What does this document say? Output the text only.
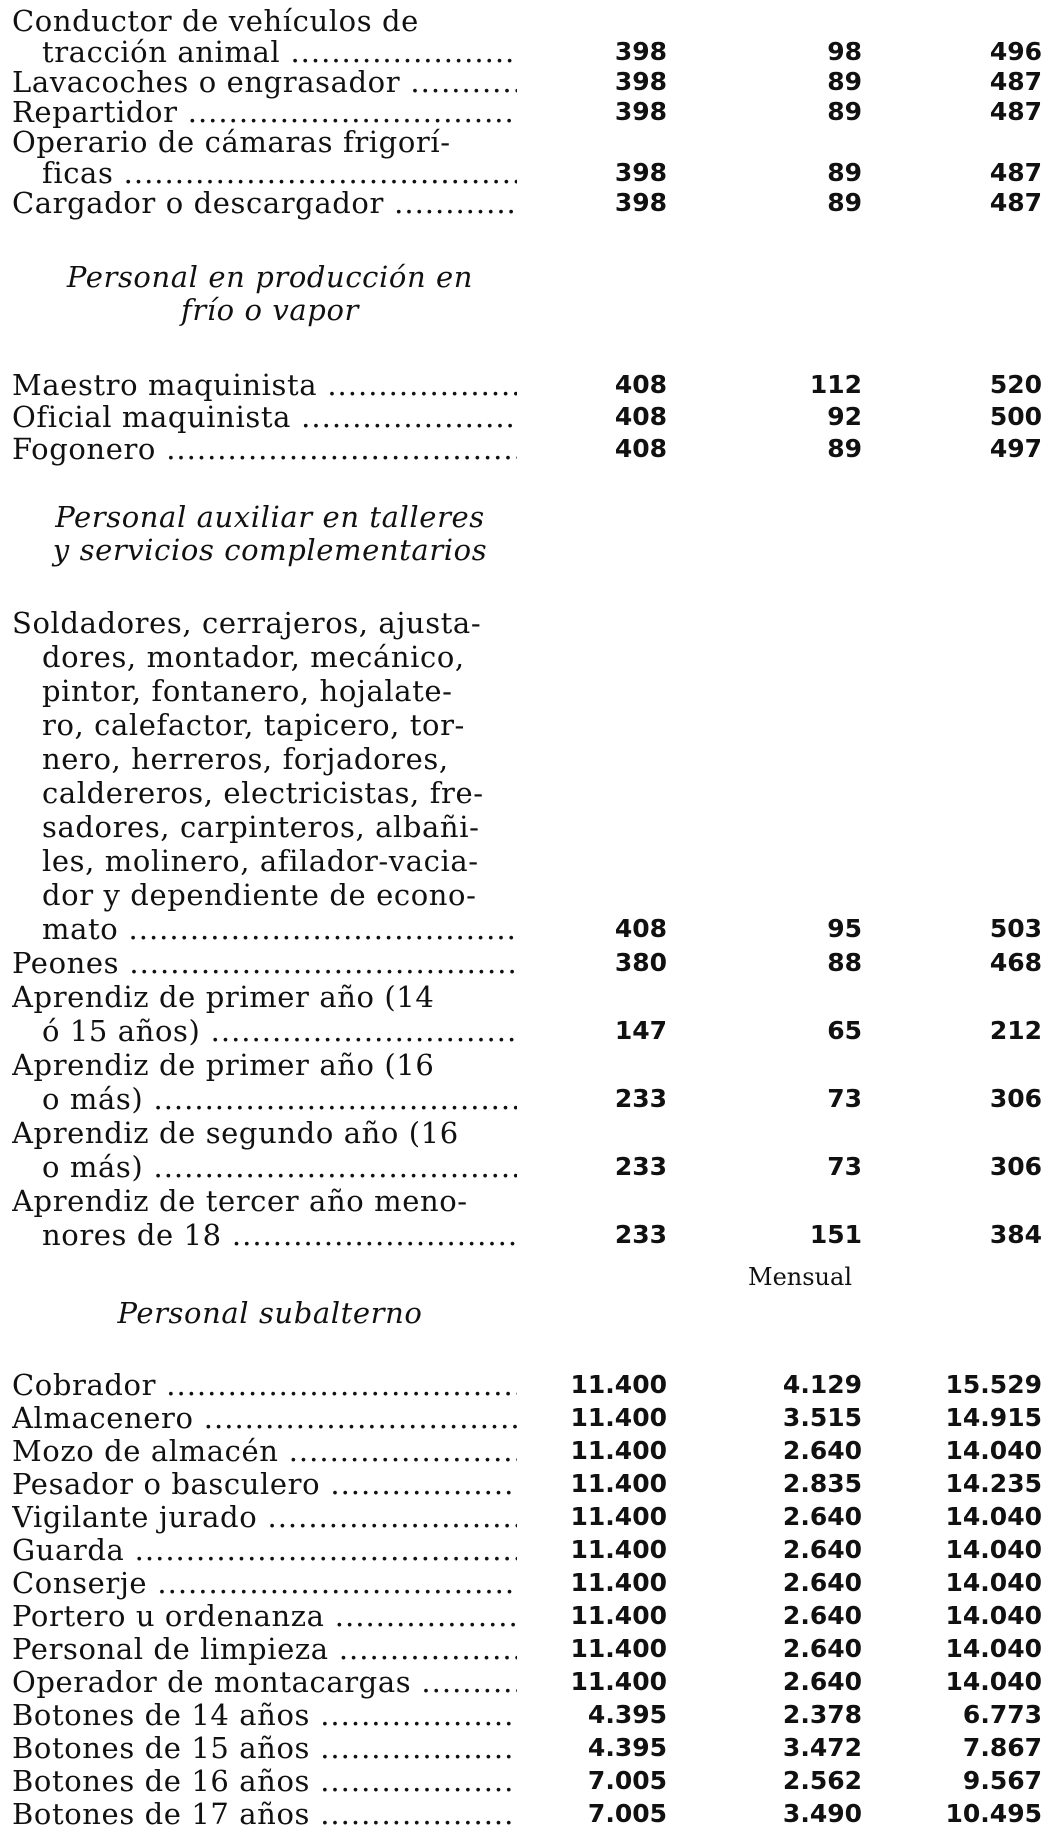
Conductor de vehículos de
tracción animal .....	398	98	496
Lavacoches o engrasador .....	398	89	487
Repartidor .....	398	89	487
Operario de cámaras frigorí-
ficas .....	398	89	487
Cargador o descargador .....	398	89	487
Personal en producción en
frío o vapor
Maestro maquinista .....	408	112	520
Oficial maquinista .....	408	92	500
Fogonero .....	408	89	497
Personal auxiliar en talleres
y servicios complementarios
Soldadores, cerrajeros, ajusta-
dores, montador, mecánico,
pintor, fontanero, hojalate-
ro, calefactor, tapicero, tor-
nero, herreros, forjadores,
caldereros, electricistas, fre-
sadores, carpinteros, albañi-
les, molinero, afilador-vacia-
dor y dependiente de econo-
mato .....	408	95	503
Peones .....	380	88	468
Aprendiz de primer año (14
ó 15 años) .....	147	65	212
Aprendiz de primer año (16
o más) .....	233	73	306
Aprendiz de segundo año (16
o más) .....	233	73	306
Aprendiz de tercer año meno-
nores de 18 .....	233	151	384
Mensual
Personal subalterno
Cobrador .....	11.400	4.129	15.529
Almacenero .....	11.400	3.515	14.915
Mozo de almacén .....	11.400	2.640	14.040
Pesador o basculero .....	11.400	2.835	14.235
Vigilante jurado .....	11.400	2.640	14.040
Guarda .....	11.400	2.640	14.040
Conserje .....	11.400	2.640	14.040
Portero u ordenanza .....	11.400	2.640	14.040
Personal de limpieza .....	11.400	2.640	14.040
Operador de montacargas .....	11.400	2.640	14.040
Botones de 14 años .....	4.395	2.378	6.773
Botones de 15 años .....	4.395	3.472	7.867
Botones de 16 años .....	7.005	2.562	9.567
Botones de 17 años .....	7.005	3.490	10.495
